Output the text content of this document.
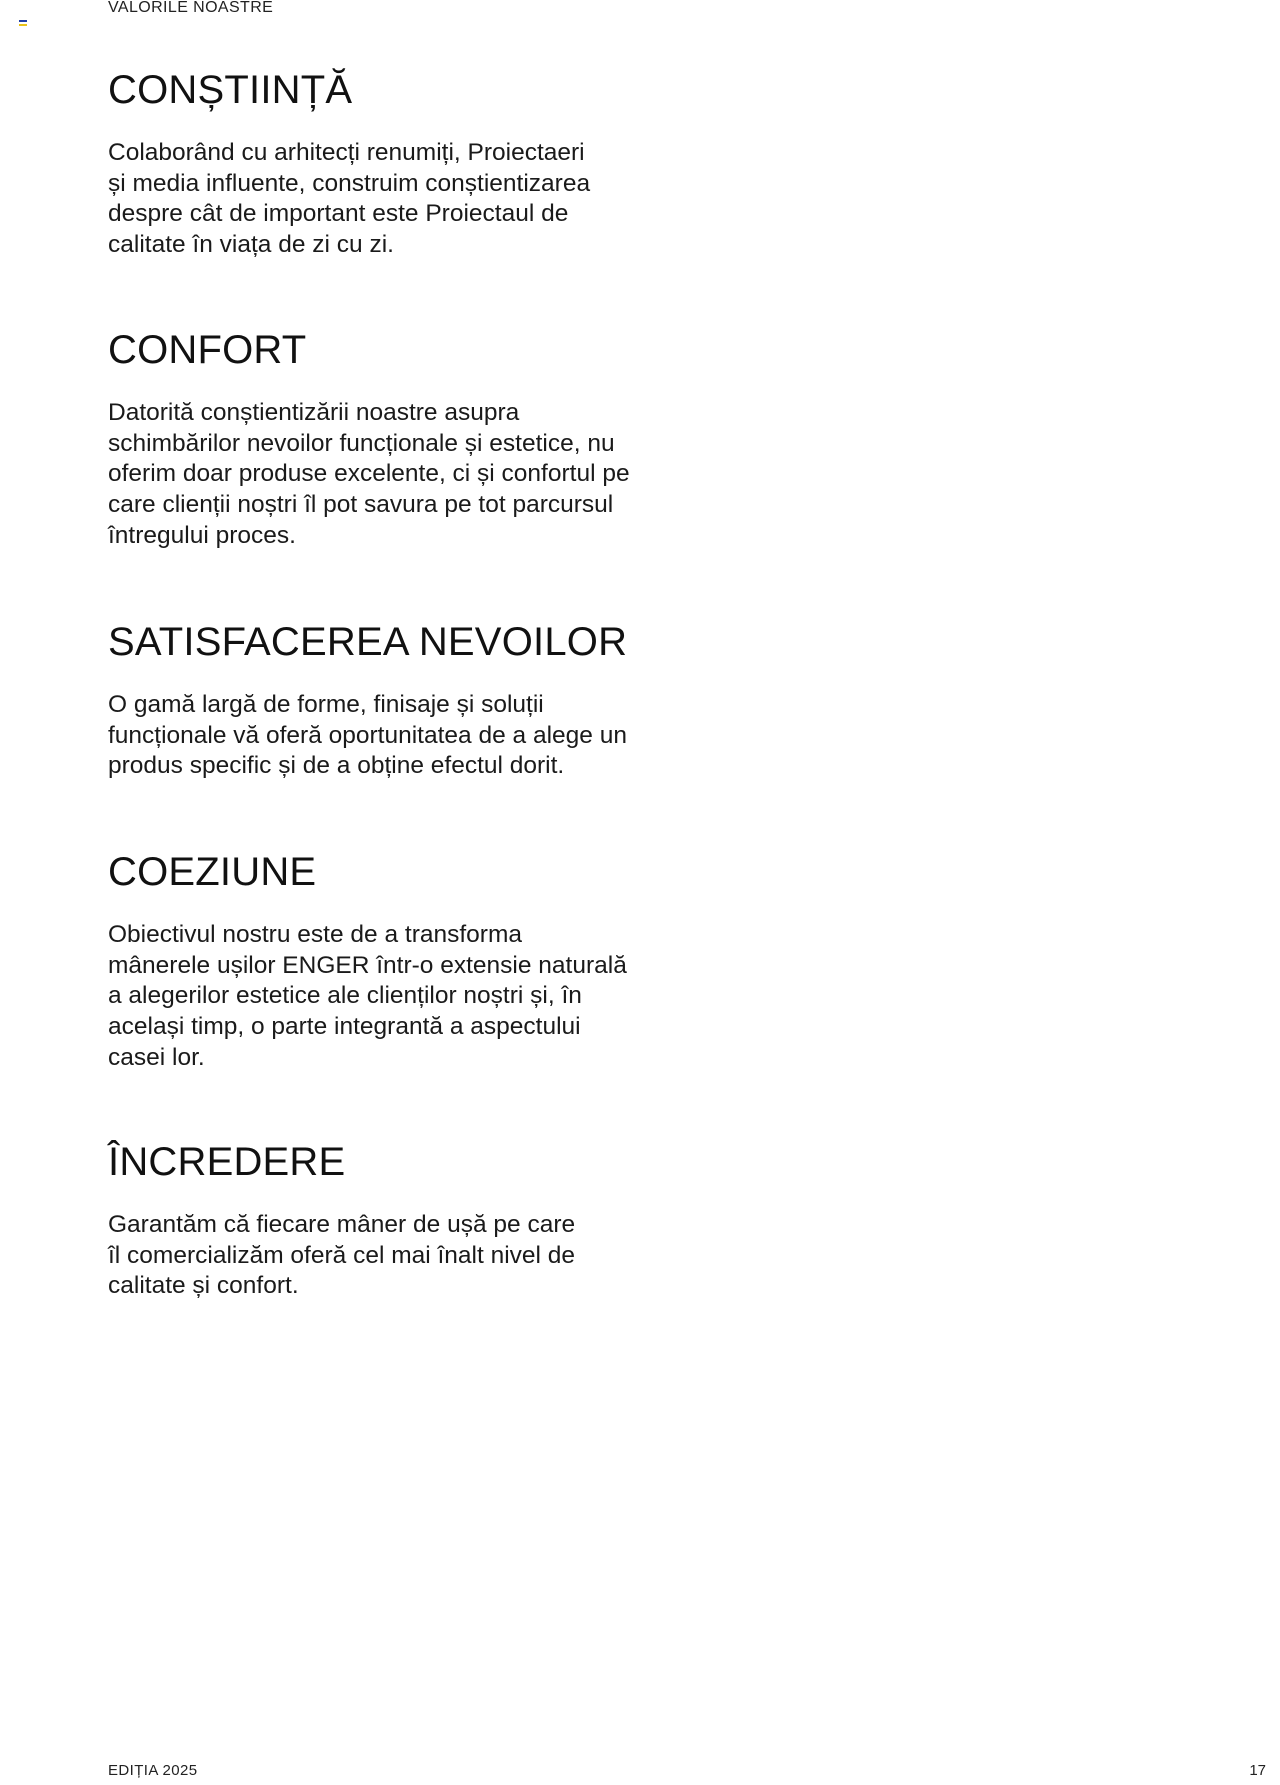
VALORILE NOASTRE
CONȘTIINȚĂ

Colaborând cu arhitecți renumiți, Proiectaeri
și media influente, construim conștientizarea
despre cât de important este Proiectaul de
calitate în viața de zi cu zi.

CONFORT

Datorită conștientizării noastre asupra
schimbărilor nevoilor funcționale și estetice, nu
oferim doar produse excelente, ci și confortul pe
care clienții noștri îl pot savura pe tot parcursul
întregului proces.

SATISFACEREA NEVOILOR

O gamă largă de forme, finisaje și soluții
funcționale vă oferă oportunitatea de a alege un
produs specific și de a obține efectul dorit.

COEZIUNE

Obiectivul nostru este de a transforma
mânerele ușilor ENGER într-o extensie naturală
a alegerilor estetice ale clienților noștri și, în
același timp, o parte integrantă a aspectului
casei lor.

ÎNCREDERE

Garantăm că fiecare mâner de ușă pe care
îl comercializăm oferă cel mai înalt nivel de
calitate și confort.

EDIȚIA 2025	17
